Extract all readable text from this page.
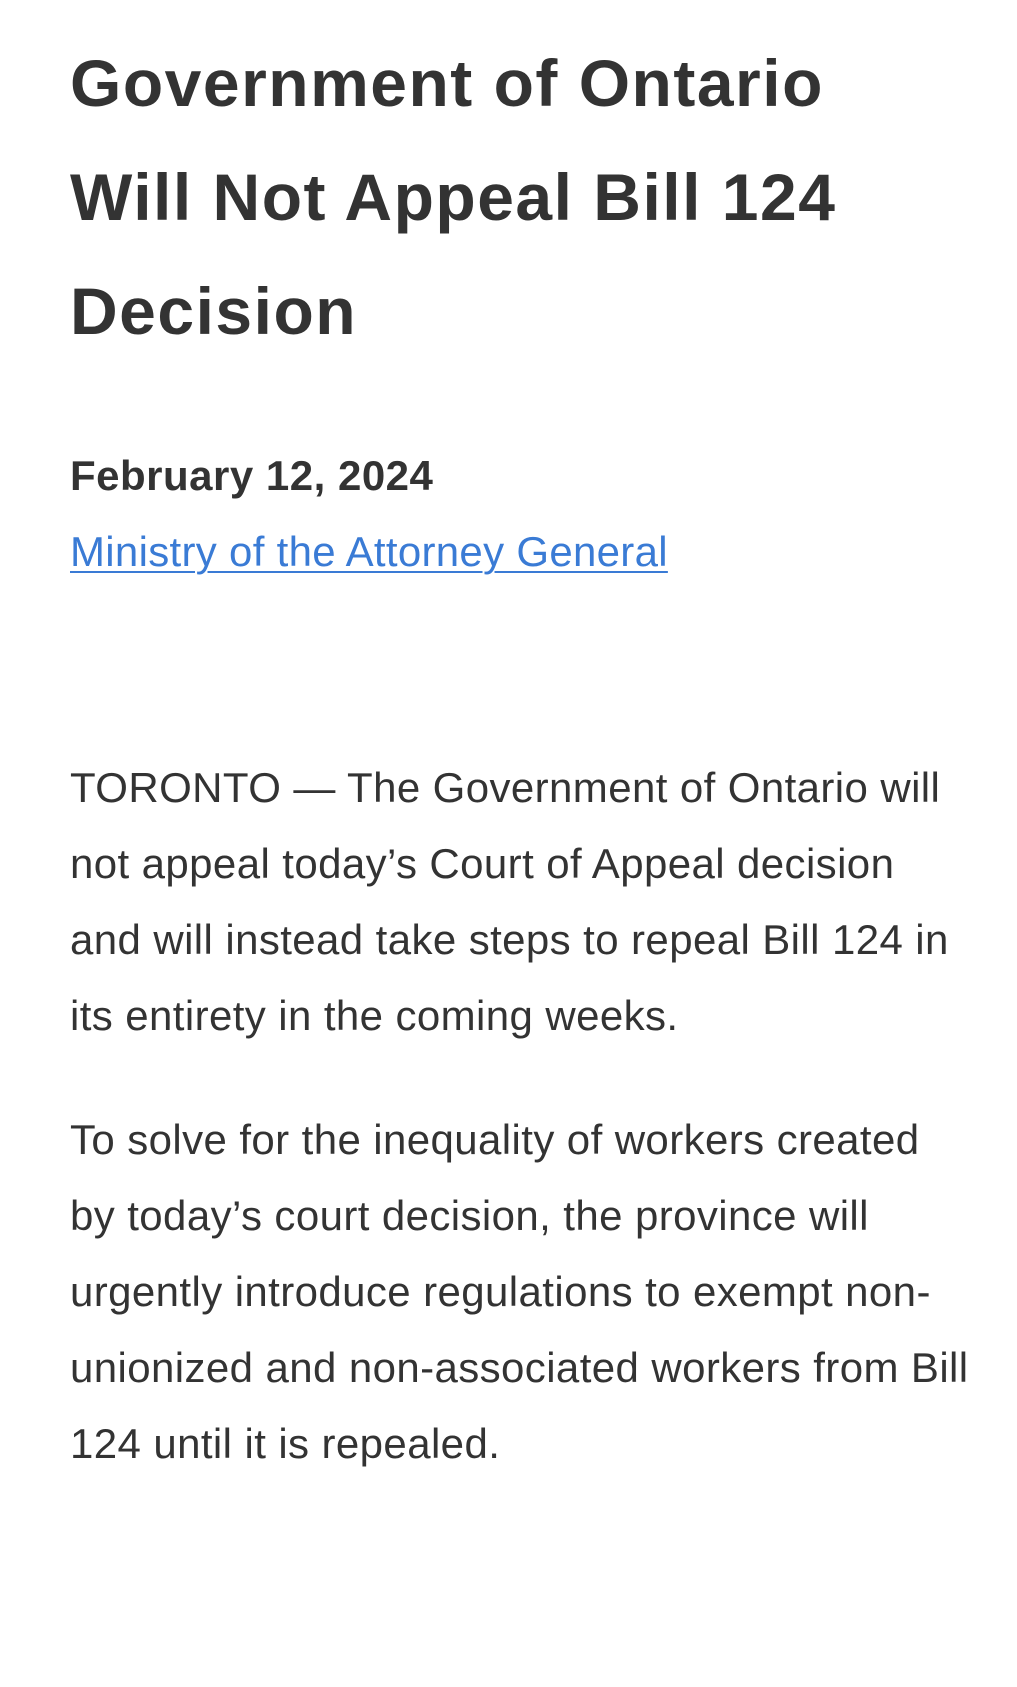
Government of Ontario
Will Not Appeal Bill 124
Decision
February 12, 2024
Ministry of the Attorney General

TORONTO — The Government of Ontario will not appeal today’s Court of Appeal decision and will instead take steps to repeal Bill 124 in its entirety in the coming weeks.

To solve for the inequality of workers created by today’s court decision, the province will urgently introduce regulations to exempt non-unionized and non-associated workers from Bill 124 until it is repealed.
